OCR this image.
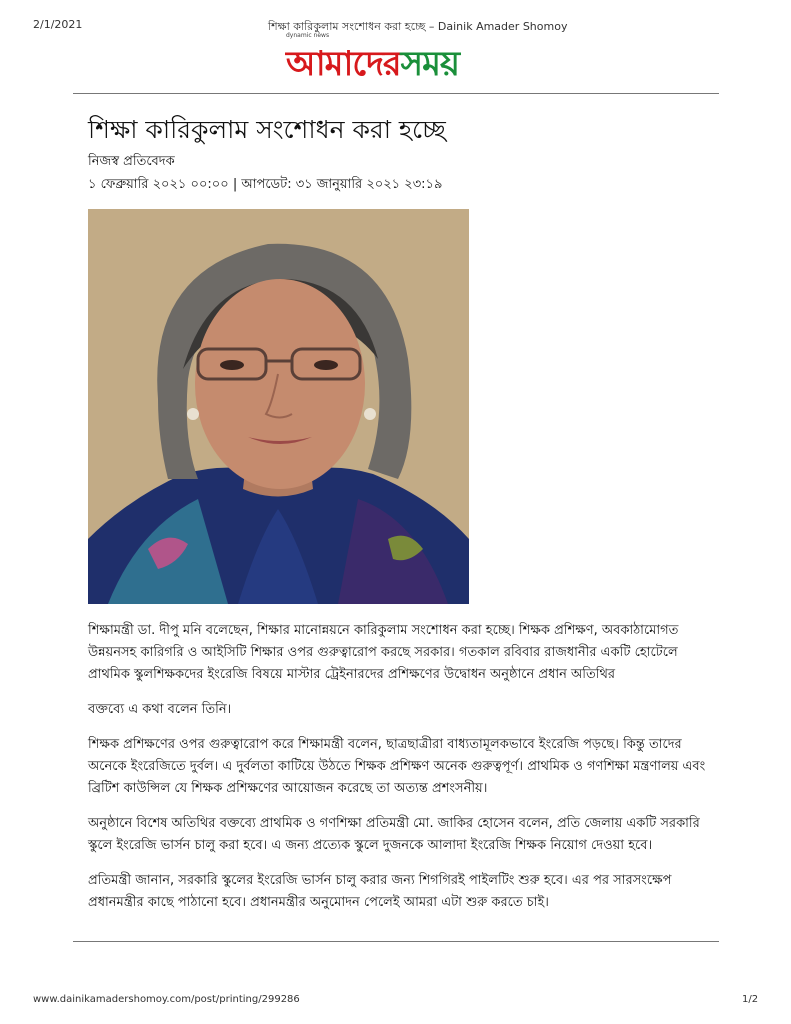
2/1/2021	শিক্ষা কারিকুলাম সংশোধন করা হচ্ছে – Dainik Amader Shomoy
dynamic news
আমাদেরসময়
শিক্ষা কারিকুলাম সংশোধন করা হচ্ছে
নিজস্ব প্রতিবেদক
১ ফেব্রুয়ারি ২০২১ ০০:০০ | আপডেট: ৩১ জানুয়ারি ২০২১ ২৩:১৯

শিক্ষামন্ত্রী ডা. দীপু মনি বলেছেন, শিক্ষার মানোন্নয়নে কারিকুলাম সংশোধন করা হচ্ছে। শিক্ষক প্রশিক্ষণ, অবকাঠামোগত উন্নয়নসহ কারিগরি ও আইসিটি শিক্ষার ওপর গুরুত্বারোপ করছে সরকার। গতকাল রবিবার রাজধানীর একটি হোটেলে প্রাথমিক স্কুলশিক্ষকদের ইংরেজি বিষয়ে মাস্টার ট্রেইনারদের প্রশিক্ষণের উদ্বোধন অনুষ্ঠানে প্রধান অতিথির

বক্তব্যে এ কথা বলেন তিনি।

শিক্ষক প্রশিক্ষণের ওপর গুরুত্বারোপ করে শিক্ষামন্ত্রী বলেন, ছাত্রছাত্রীরা বাধ্যতামূলকভাবে ইংরেজি পড়ছে। কিন্তু তাদের অনেকে ইংরেজিতে দুর্বল। এ দুর্বলতা কাটিয়ে উঠতে শিক্ষক প্রশিক্ষণ অনেক গুরুত্বপূর্ণ। প্রাথমিক ও গণশিক্ষা মন্ত্রণালয় এবং ব্রিটিশ কাউন্সিল যে শিক্ষক প্রশিক্ষণের আয়োজন করেছে তা অত্যন্ত প্রশংসনীয়।

অনুষ্ঠানে বিশেষ অতিথির বক্তব্যে প্রাথমিক ও গণশিক্ষা প্রতিমন্ত্রী মো. জাকির হোসেন বলেন, প্রতি জেলায় একটি সরকারি স্কুলে ইংরেজি ভার্সন চালু করা হবে। এ জন্য প্রত্যেক স্কুলে দুজনকে আলাদা ইংরেজি শিক্ষক নিয়োগ দেওয়া হবে।

প্রতিমন্ত্রী জানান, সরকারি স্কুলের ইংরেজি ভার্সন চালু করার জন্য শিগগিরই পাইলটিং শুরু হবে। এর পর সারসংক্ষেপ প্রধানমন্ত্রীর কাছে পাঠানো হবে। প্রধানমন্ত্রীর অনুমোদন পেলেই আমরা এটা শুরু করতে চাই।

www.dainikamadershomoy.com/post/printing/299286	1/2
